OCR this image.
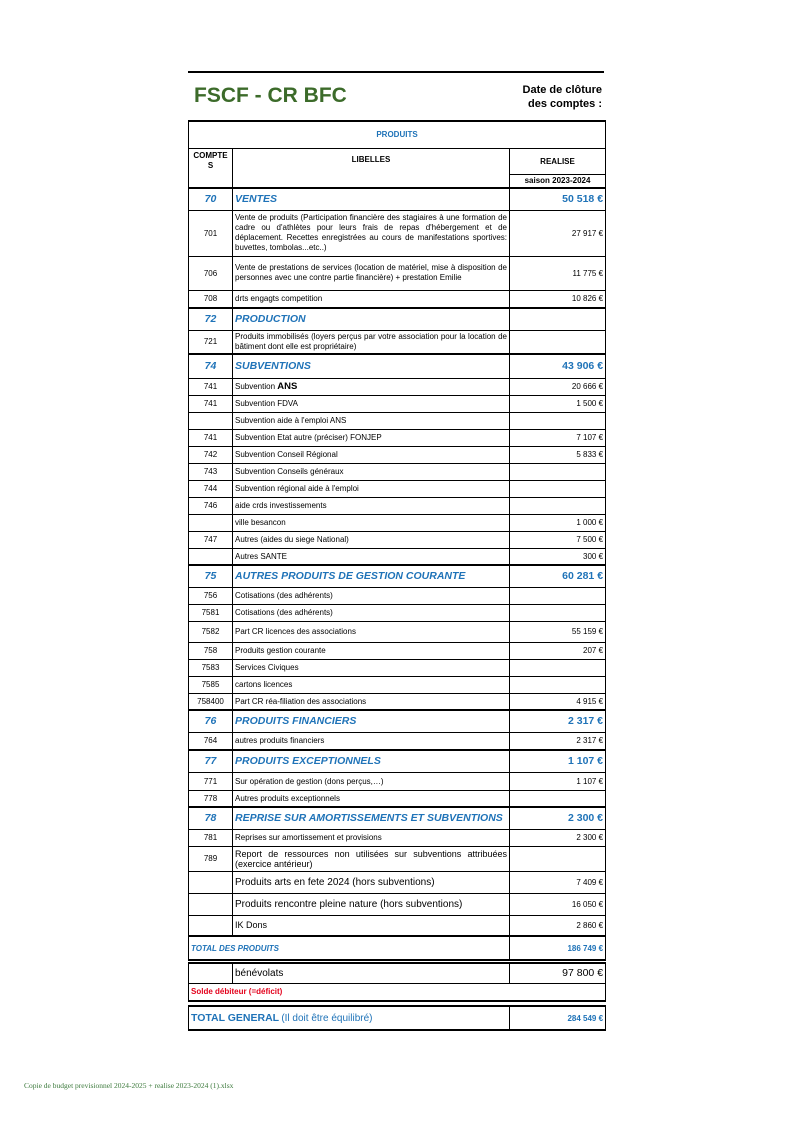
FSCF - CR BFC	Date de clôture
des comptes :
PRODUITS		
COMPTE S	LIBELLES	REALISE
		saison 2023-2024
70	VENTES	50 518 €
701	Vente de produits (Participation financière des stagiaires à une formation de cadre ou d'athlètes pour leurs frais de repas d'hébergement et de déplacement. Recettes enregistrées au cours de manifestations sportives: buvettes, tombolas...etc..)	27 917 €
706	Vente de prestations de services (location de matériel, mise à disposition de personnes avec une contre partie financière) + prestation Emilie	11 775 €
708	drts engagts competition	10 826 €
72	PRODUCTION	
721	Produits immobilisés (loyers perçus par votre association pour la location de bâtiment dont elle est propriétaire)	
74	SUBVENTIONS	43 906 €
741	Subvention ANS	20 666 €
741	Subvention FDVA	1 500 €
	Subvention aide à l'emploi ANS	
741	Subvention Etat autre (préciser) FONJEP	7 107 €
742	Subvention Conseil Régional	5 833 €
743	Subvention Conseils généraux	
744	Subvention régional aide à l'emploi	
746	aide crds investissements	
	ville besancon	1 000 €
747	Autres (aides du siege National)	7 500 €
	Autres SANTE	300 €
75	AUTRES PRODUITS DE GESTION COURANTE	60 281 €
756	Cotisations (des adhérents)	
7581	Cotisations (des adhérents)	
7582	Part CR licences des associations	55 159 €
758	Produits gestion courante	207 €
7583	Services Civiques	
7585	cartons licences	
758400	Part CR réa-filiation des associations	4 915 €
76	PRODUITS FINANCIERS	2 317 €
764	autres produits financiers	2 317 €
77	PRODUITS EXCEPTIONNELS	1 107 €
771	Sur opération de gestion (dons perçus,…)	1 107 €
778	Autres produits exceptionnels	
78	REPRISE SUR AMORTISSEMENTS ET SUBVENTIONS	2 300 €
781	Reprises sur amortissement et provisions	2 300 €
789	Report de ressources non utilisées sur subventions attribuées (exercice antérieur)	
	Produits arts en fete 2024 (hors subventions)	7 409 €
	Produits rencontre pleine nature (hors subventions)	16 050 €
	IK Dons	2 860 €
TOTAL DES PRODUITS		186 749 €

	bénévolats	97 800 €
Solde débiteur (=déficit)		

TOTAL GENERAL (Il doit être équilibré)		284 549 €
Copie de budget previsionnel 2024-2025 + realise 2023-2024 (1).xlsx
